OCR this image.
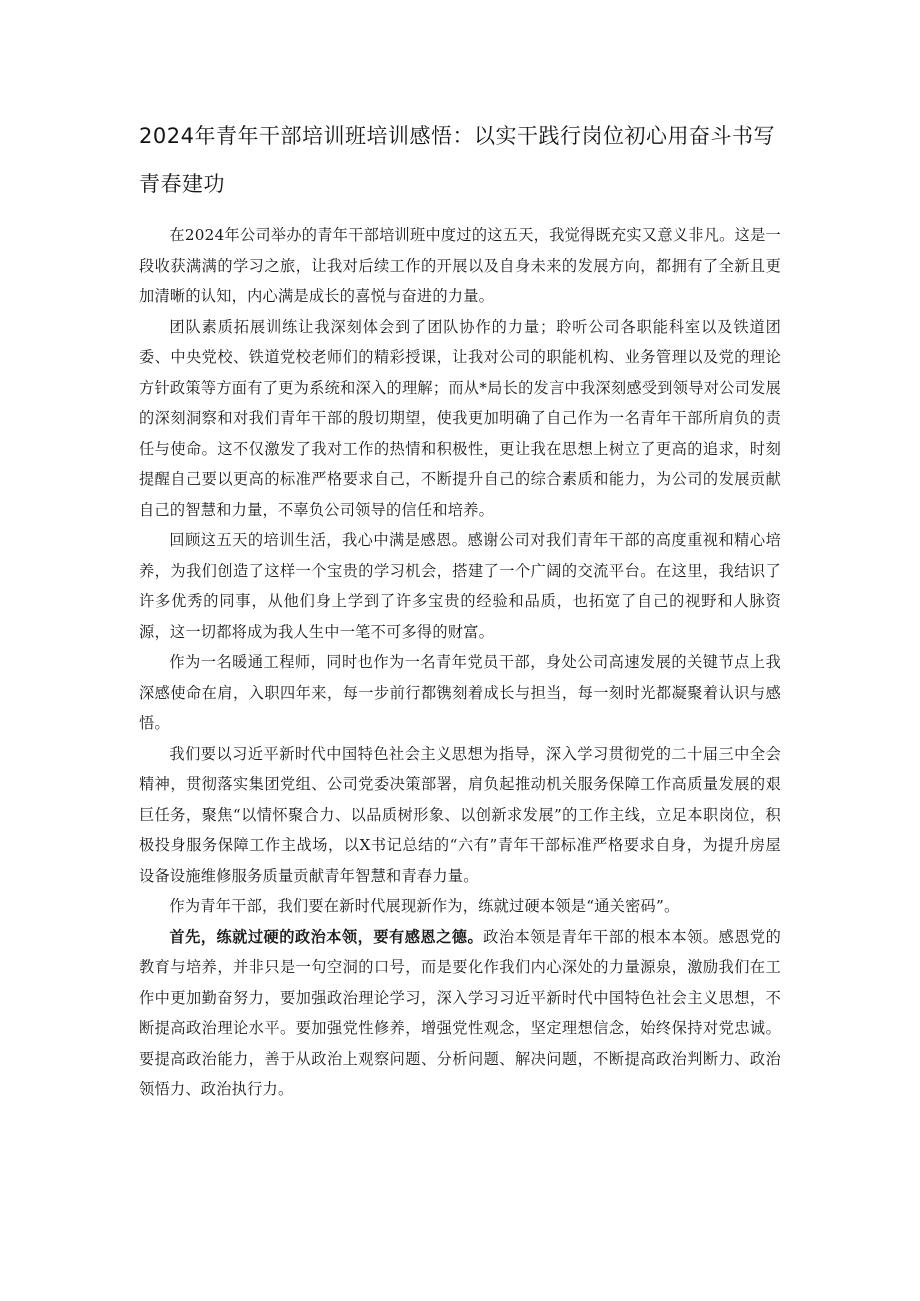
2024年青年干部培训班培训感悟：以实干践行岗位初心用奋斗书写青春建功

在2024年公司举办的青年干部培训班中度过的这五天，我觉得既充实又意义非凡。这是一段收获满满的学习之旅，让我对后续工作的开展以及自身未来的发展方向，都拥有了全新且更加清晰的认知，内心满是成长的喜悦与奋进的力量。

团队素质拓展训练让我深刻体会到了团队协作的力量；聆听公司各职能科室以及铁道团委、中央党校、铁道党校老师们的精彩授课，让我对公司的职能机构、业务管理以及党的理论方针政策等方面有了更为系统和深入的理解；而从*局长的发言中我深刻感受到领导对公司发展的深刻洞察和对我们青年干部的殷切期望，使我更加明确了自己作为一名青年干部所肩负的责任与使命。这不仅激发了我对工作的热情和积极性，更让我在思想上树立了更高的追求，时刻提醒自己要以更高的标准严格要求自己，不断提升自己的综合素质和能力，为公司的发展贡献自己的智慧和力量，不辜负公司领导的信任和培养。

回顾这五天的培训生活，我心中满是感恩。感谢公司对我们青年干部的高度重视和精心培养，为我们创造了这样一个宝贵的学习机会，搭建了一个广阔的交流平台。在这里，我结识了许多优秀的同事，从他们身上学到了许多宝贵的经验和品质，也拓宽了自己的视野和人脉资源，这一切都将成为我人生中一笔不可多得的财富。

作为一名暖通工程师，同时也作为一名青年党员干部，身处公司高速发展的关键节点上我深感使命在肩，入职四年来，每一步前行都镌刻着成长与担当，每一刻时光都凝聚着认识与感悟。

我们要以习近平新时代中国特色社会主义思想为指导，深入学习贯彻党的二十届三中全会精神，贯彻落实集团党组、公司党委决策部署，肩负起推动机关服务保障工作高质量发展的艰巨任务，聚焦“以情怀聚合力、以品质树形象、以创新求发展”的工作主线，立足本职岗位，积极投身服务保障工作主战场，以X书记总结的“六有”青年干部标准严格要求自身，为提升房屋设备设施维修服务质量贡献青年智慧和青春力量。

作为青年干部，我们要在新时代展现新作为，练就过硬本领是“通关密码”。

首先，练就过硬的政治本领，要有感恩之德。政治本领是青年干部的根本本领。感恩党的教育与培养，并非只是一句空洞的口号，而是要化作我们内心深处的力量源泉，激励我们在工作中更加勤奋努力，要加强政治理论学习，深入学习习近平新时代中国特色社会主义思想，不断提高政治理论水平。要加强党性修养，增强党性观念，坚定理想信念，始终保持对党忠诚。要提高政治能力，善于从政治上观察问题、分析问题、解决问题，不断提高政治判断力、政治领悟力、政治执行力。
